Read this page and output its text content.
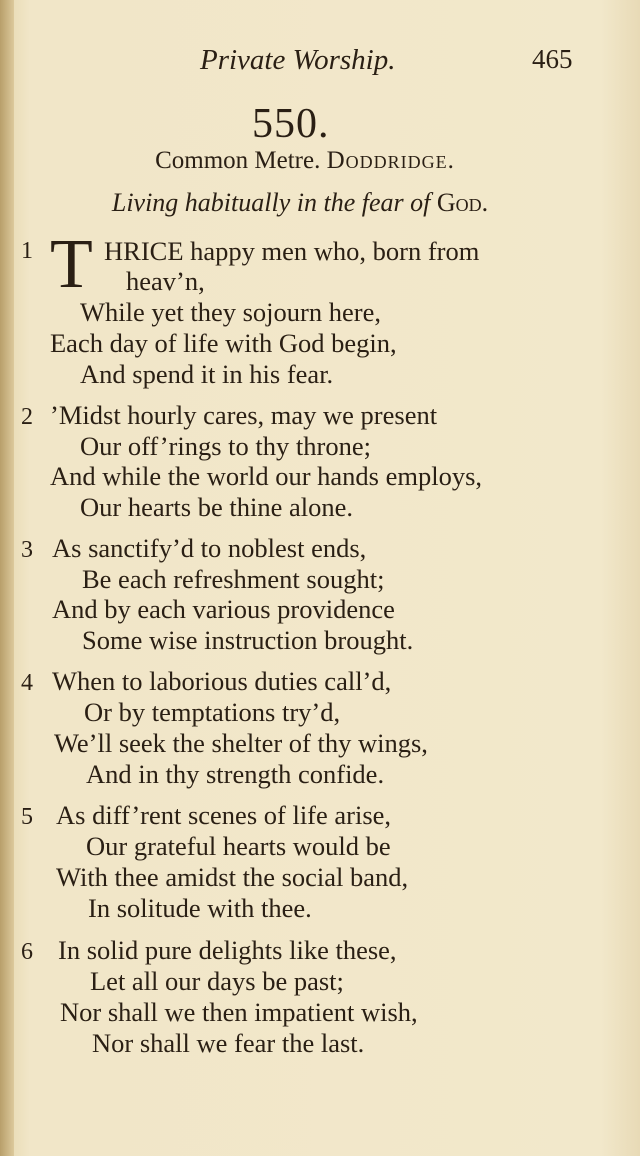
Private Worship.	465
550.
Common Metre. Doddridge.
Living habitually in the fear of God.
1 T HRICE happy men who, born from
heav’n,
While yet they sojourn here,
Each day of life with God begin,
And spend it in his fear.
2 ’Midst hourly cares, may we present
Our off’rings to thy throne;
And while the world our hands employs,
Our hearts be thine alone.
3 As sanctify’d to noblest ends,
Be each refreshment sought;
And by each various providence
Some wise instruction brought.
4 When to laborious duties call’d,
Or by temptations try’d,
We’ll seek the shelter of thy wings,
And in thy strength confide.
5 As diff’rent scenes of life arise,
Our grateful hearts would be
With thee amidst the social band,
In solitude with thee.
6 In solid pure delights like these,
Let all our days be past;
Nor shall we then impatient wish,
Nor shall we fear the last.
